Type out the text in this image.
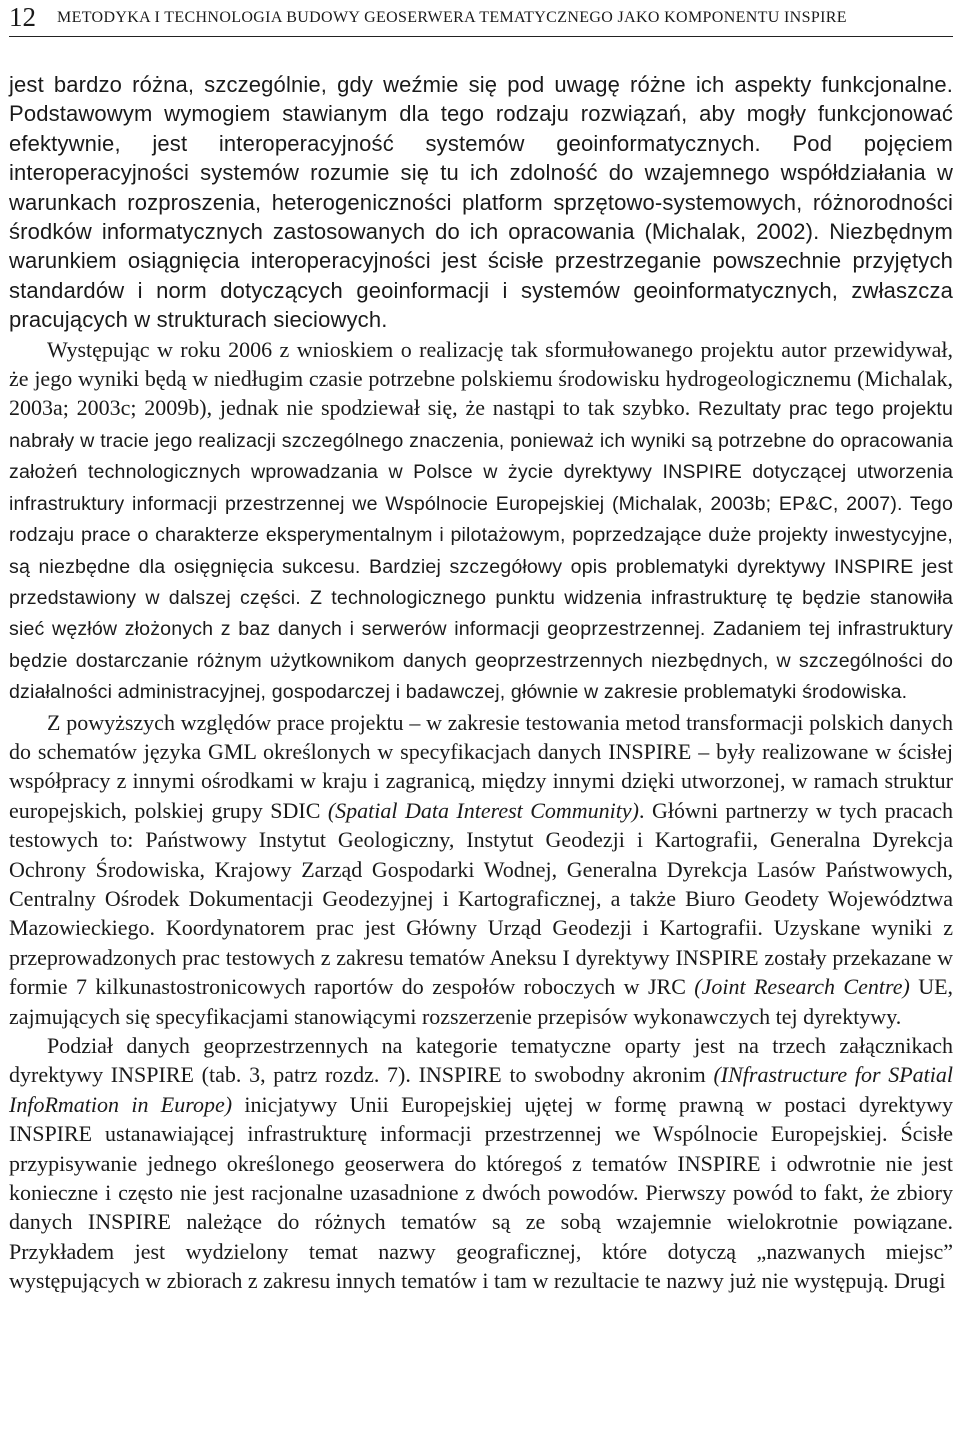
12	METODYKA I TECHNOLOGIA BUDOWY GEOSERWERA TEMATYCZNEGO JAKO KOMPONENTU INSPIRE

jest bardzo różna, szczególnie, gdy weźmie się pod uwagę różne ich aspekty funkcjonalne. Podstawowym wymogiem stawianym dla tego rodzaju rozwiązań, aby mogły funkcjonować efektywnie, jest interoperacyjność systemów geoinformatycznych. Pod pojęciem interoperacyjności systemów rozumie się tu ich zdolność do wzajemnego współdziałania w warunkach rozproszenia, heterogeniczności platform sprzętowo-systemowych, różnorodności środków informatycznych zastosowanych do ich opracowania (Michalak, 2002). Niezbędnym warunkiem osiągnięcia interoperacyjności jest ścisłe przestrzeganie powszechnie przyjętych standardów i norm dotyczących geoinformacji i systemów geoinformatycznych, zwłaszcza pracujących w strukturach sieciowych.

Występując w roku 2006 z wnioskiem o realizację tak sformułowanego projektu autor przewidywał, że jego wyniki będą w niedługim czasie potrzebne polskiemu środowisku hydrogeologicznemu (Michalak, 2003a; 2003c; 2009b), jednak nie spodziewał się, że nastąpi to tak szybko. Rezultaty prac tego projektu nabrały w tracie jego realizacji szczególnego znaczenia, ponieważ ich wyniki są potrzebne do opracowania założeń technologicznych wprowadzania w Polsce w życie dyrektywy INSPIRE dotyczącej utworzenia infrastruktury informacji przestrzennej we Wspólnocie Europejskiej (Michalak, 2003b; EP&C, 2007). Tego rodzaju prace o charakterze eksperymentalnym i pilotażowym, poprzedzające duże projekty inwestycyjne, są niezbędne dla osięgnięcia sukcesu. Bardziej szczegółowy opis problematyki dyrektywy INSPIRE jest przedstawiony w dalszej części. Z technologicznego punktu widzenia infrastrukturę tę będzie stanowiła sieć węzłów złożonych z baz danych i serwerów informacji geoprzestrzennej. Zadaniem tej infrastruktury będzie dostarczanie różnym użytkownikom danych geoprzestrzennych niezbędnych, w szczególności do działalności administracyjnej, gospodarczej i badawczej, głównie w zakresie problematyki środowiska.

Z powyższych względów prace projektu – w zakresie testowania metod transformacji polskich danych do schematów języka GML określonych w specyfikacjach danych INSPIRE – były realizowane w ścisłej współpracy z innymi ośrodkami w kraju i zagranicą, między innymi dzięki utworzonej, w ramach struktur europejskich, polskiej grupy SDIC (Spatial Data Interest Community). Główni partnerzy w tych pracach testowych to: Państwowy Instytut Geologiczny, Instytut Geodezji i Kartografii, Generalna Dyrekcja Ochrony Środowiska, Krajowy Zarząd Gospodarki Wodnej, Generalna Dyrekcja Lasów Państwowych, Centralny Ośrodek Dokumentacji Geodezyjnej i Kartograficznej, a także Biuro Geodety Województwa Mazowieckiego. Koordynatorem prac jest Główny Urząd Geodezji i Kartografii. Uzyskane wyniki z przeprowadzonych prac testowych z zakresu tematów Aneksu I dyrektywy INSPIRE zostały przekazane w formie 7 kilkunastostronicowych raportów do zespołów roboczych w JRC (Joint Research Centre) UE, zajmujących się specyfikacjami stanowiącymi rozszerzenie przepisów wykonawczych tej dyrektywy.

Podział danych geoprzestrzennych na kategorie tematyczne oparty jest na trzech załącznikach dyrektywy INSPIRE (tab. 3, patrz rozdz. 7). INSPIRE to swobodny akronim (INfrastructure for SPatial InfoRmation in Europe) inicjatywy Unii Europejskiej ujętej w formę prawną w postaci dyrektywy INSPIRE ustanawiającej infrastrukturę informacji przestrzennej we Wspólnocie Europejskiej. Ścisłe przypisywanie jednego określonego geoserwera do któregoś z tematów INSPIRE i odwrotnie nie jest konieczne i często nie jest racjonalne uzasadnione z dwóch powodów. Pierwszy powód to fakt, że zbiory danych INSPIRE należące do różnych tematów są ze sobą wzajemnie wielokrotnie powiązane. Przykładem jest wydzielony temat nazwy geograficznej, które dotyczą „nazwanych miejsc” występujących w zbiorach z zakresu innych tematów i tam w rezultacie te nazwy już nie występują. Drugi
